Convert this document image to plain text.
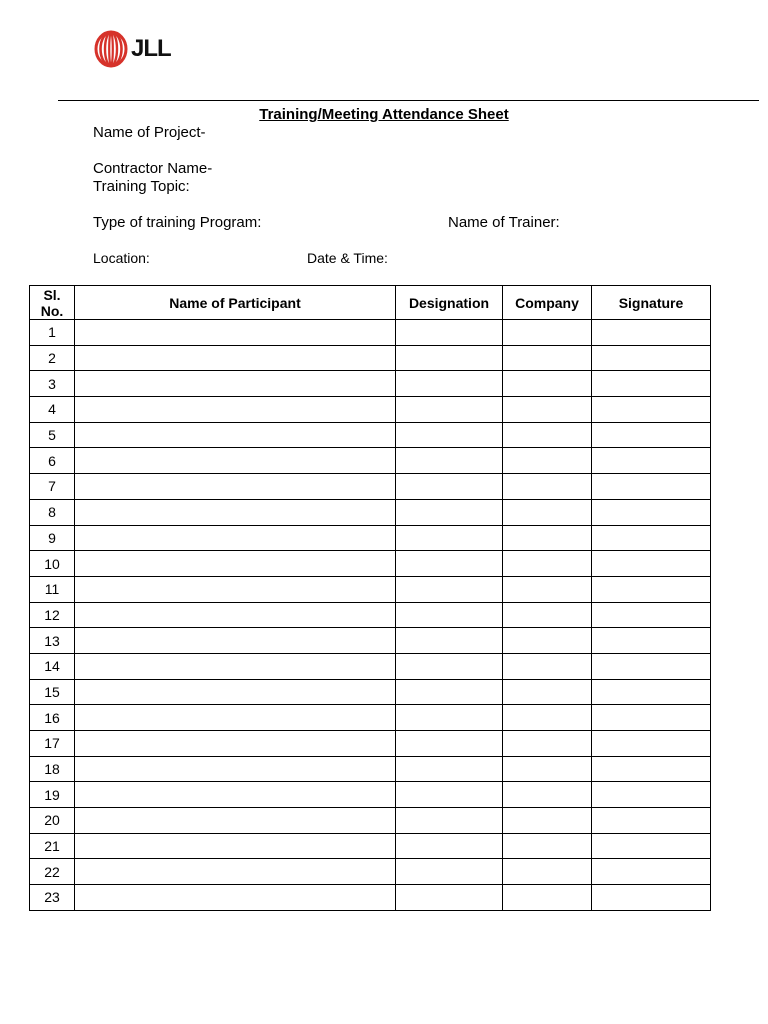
JLL
Training/Meeting Attendance Sheet
Name of Project-
Contractor Name-
Training Topic:
Type of training Program:	Name of Trainer:
Location:	Date & Time:
Sl.
No.	Name of Participant	Designation	Company	Signature
1				
2				
3				
4				
5				
6				
7				
8				
9				
10				
11				
12				
13				
14				
15				
16				
17				
18				
19				
20				
21				
22				
23				
